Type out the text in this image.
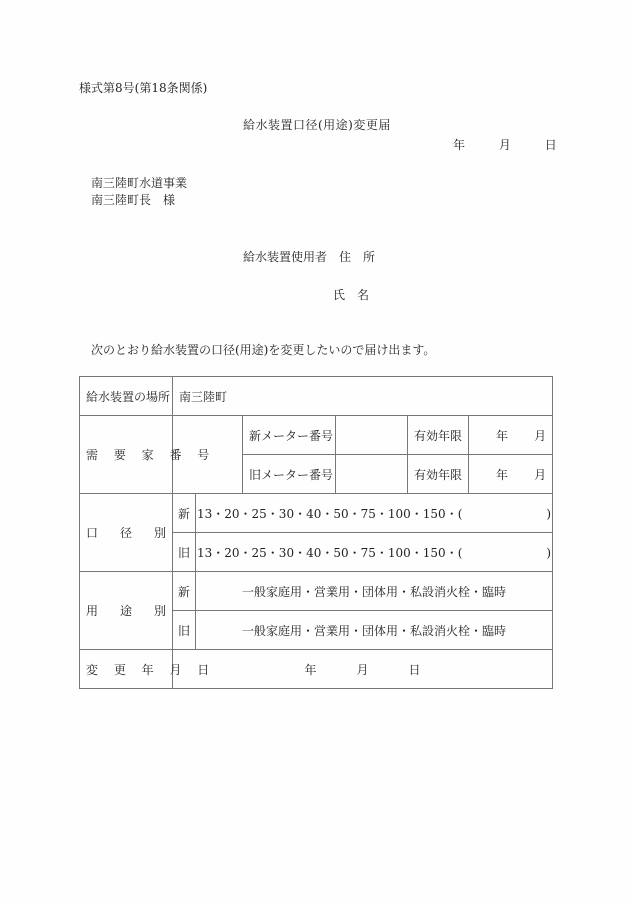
様式第8号(第18条関係)
給水装置口径(用途)変更届
年	月	日
南三陸町水道事業
南三陸町長　様
給水装置使用者 住　所
氏　名
次のとおり給水装置の口径(用途)を変更したいので届け出ます。
給水装置の場所	南三陸町					
需 要 家 番 号			新メーター番号		有効年限	年 月

			旧メーター番号		有効年限	年 月

口 径 別	新	13・20・25・30・40・50・75・100・150・(　　　　　　　)				
	旧	13・20・25・30・40・50・75・100・150・(　　　　　　　)				

用 途 別	新	一般家庭用・営業用・団体用・私設消火栓・臨時				
	旧	一般家庭用・営業用・団体用・私設消火栓・臨時				
変 更 年 月 日	年 月 日					
